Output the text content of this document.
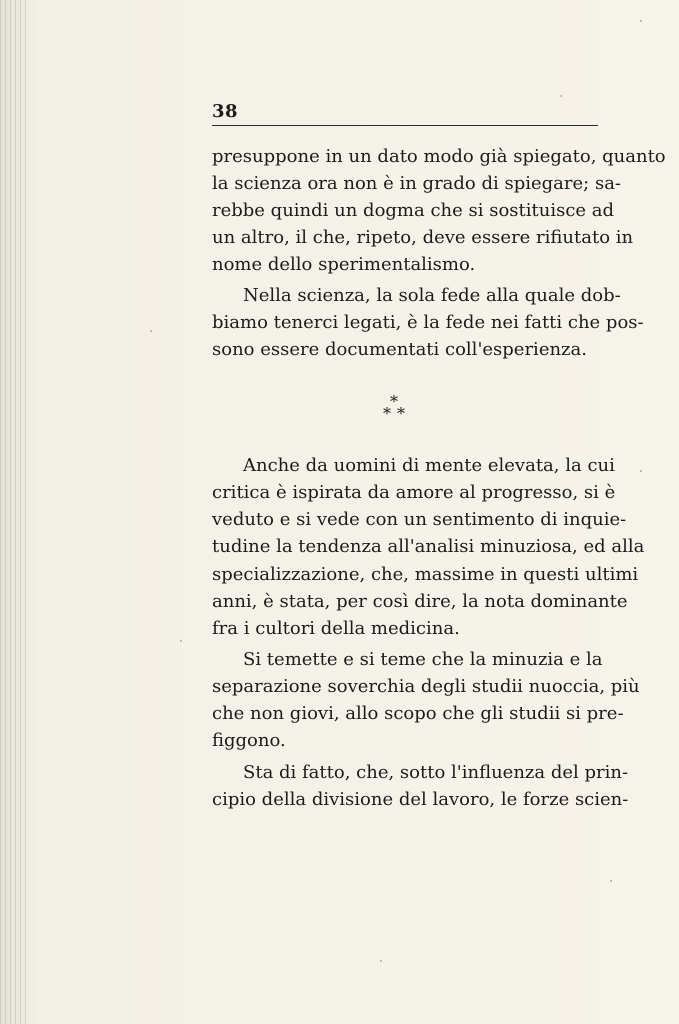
38

presuppone in un dato modo già spiegato, quanto

la scienza ora non è in grado di spiegare; sa-

rebbe quindi un dogma che si sostituisce ad

un altro, il che, ripeto, deve essere rifiutato in

nome dello sperimentalismo.

Nella scienza, la sola fede alla quale dob-

biamo tenerci legati, è la fede nei fatti che pos-

sono essere documentati coll'esperienza.

*
* *

Anche da uomini di mente elevata, la cui

critica è ispirata da amore al progresso, si è

veduto e si vede con un sentimento di inquie-

tudine la tendenza all'analisi minuziosa, ed alla

specializzazione, che, massime in questi ultimi

anni, è stata, per così dire, la nota dominante

fra i cultori della medicina.

Si temette e si teme che la minuzia e la

separazione soverchia degli studii nuoccia, più

che non giovi, allo scopo che gli studii si pre-

figgono.

Sta di fatto, che, sotto l'influenza del prin-

cipio della divisione del lavoro, le forze scien-
